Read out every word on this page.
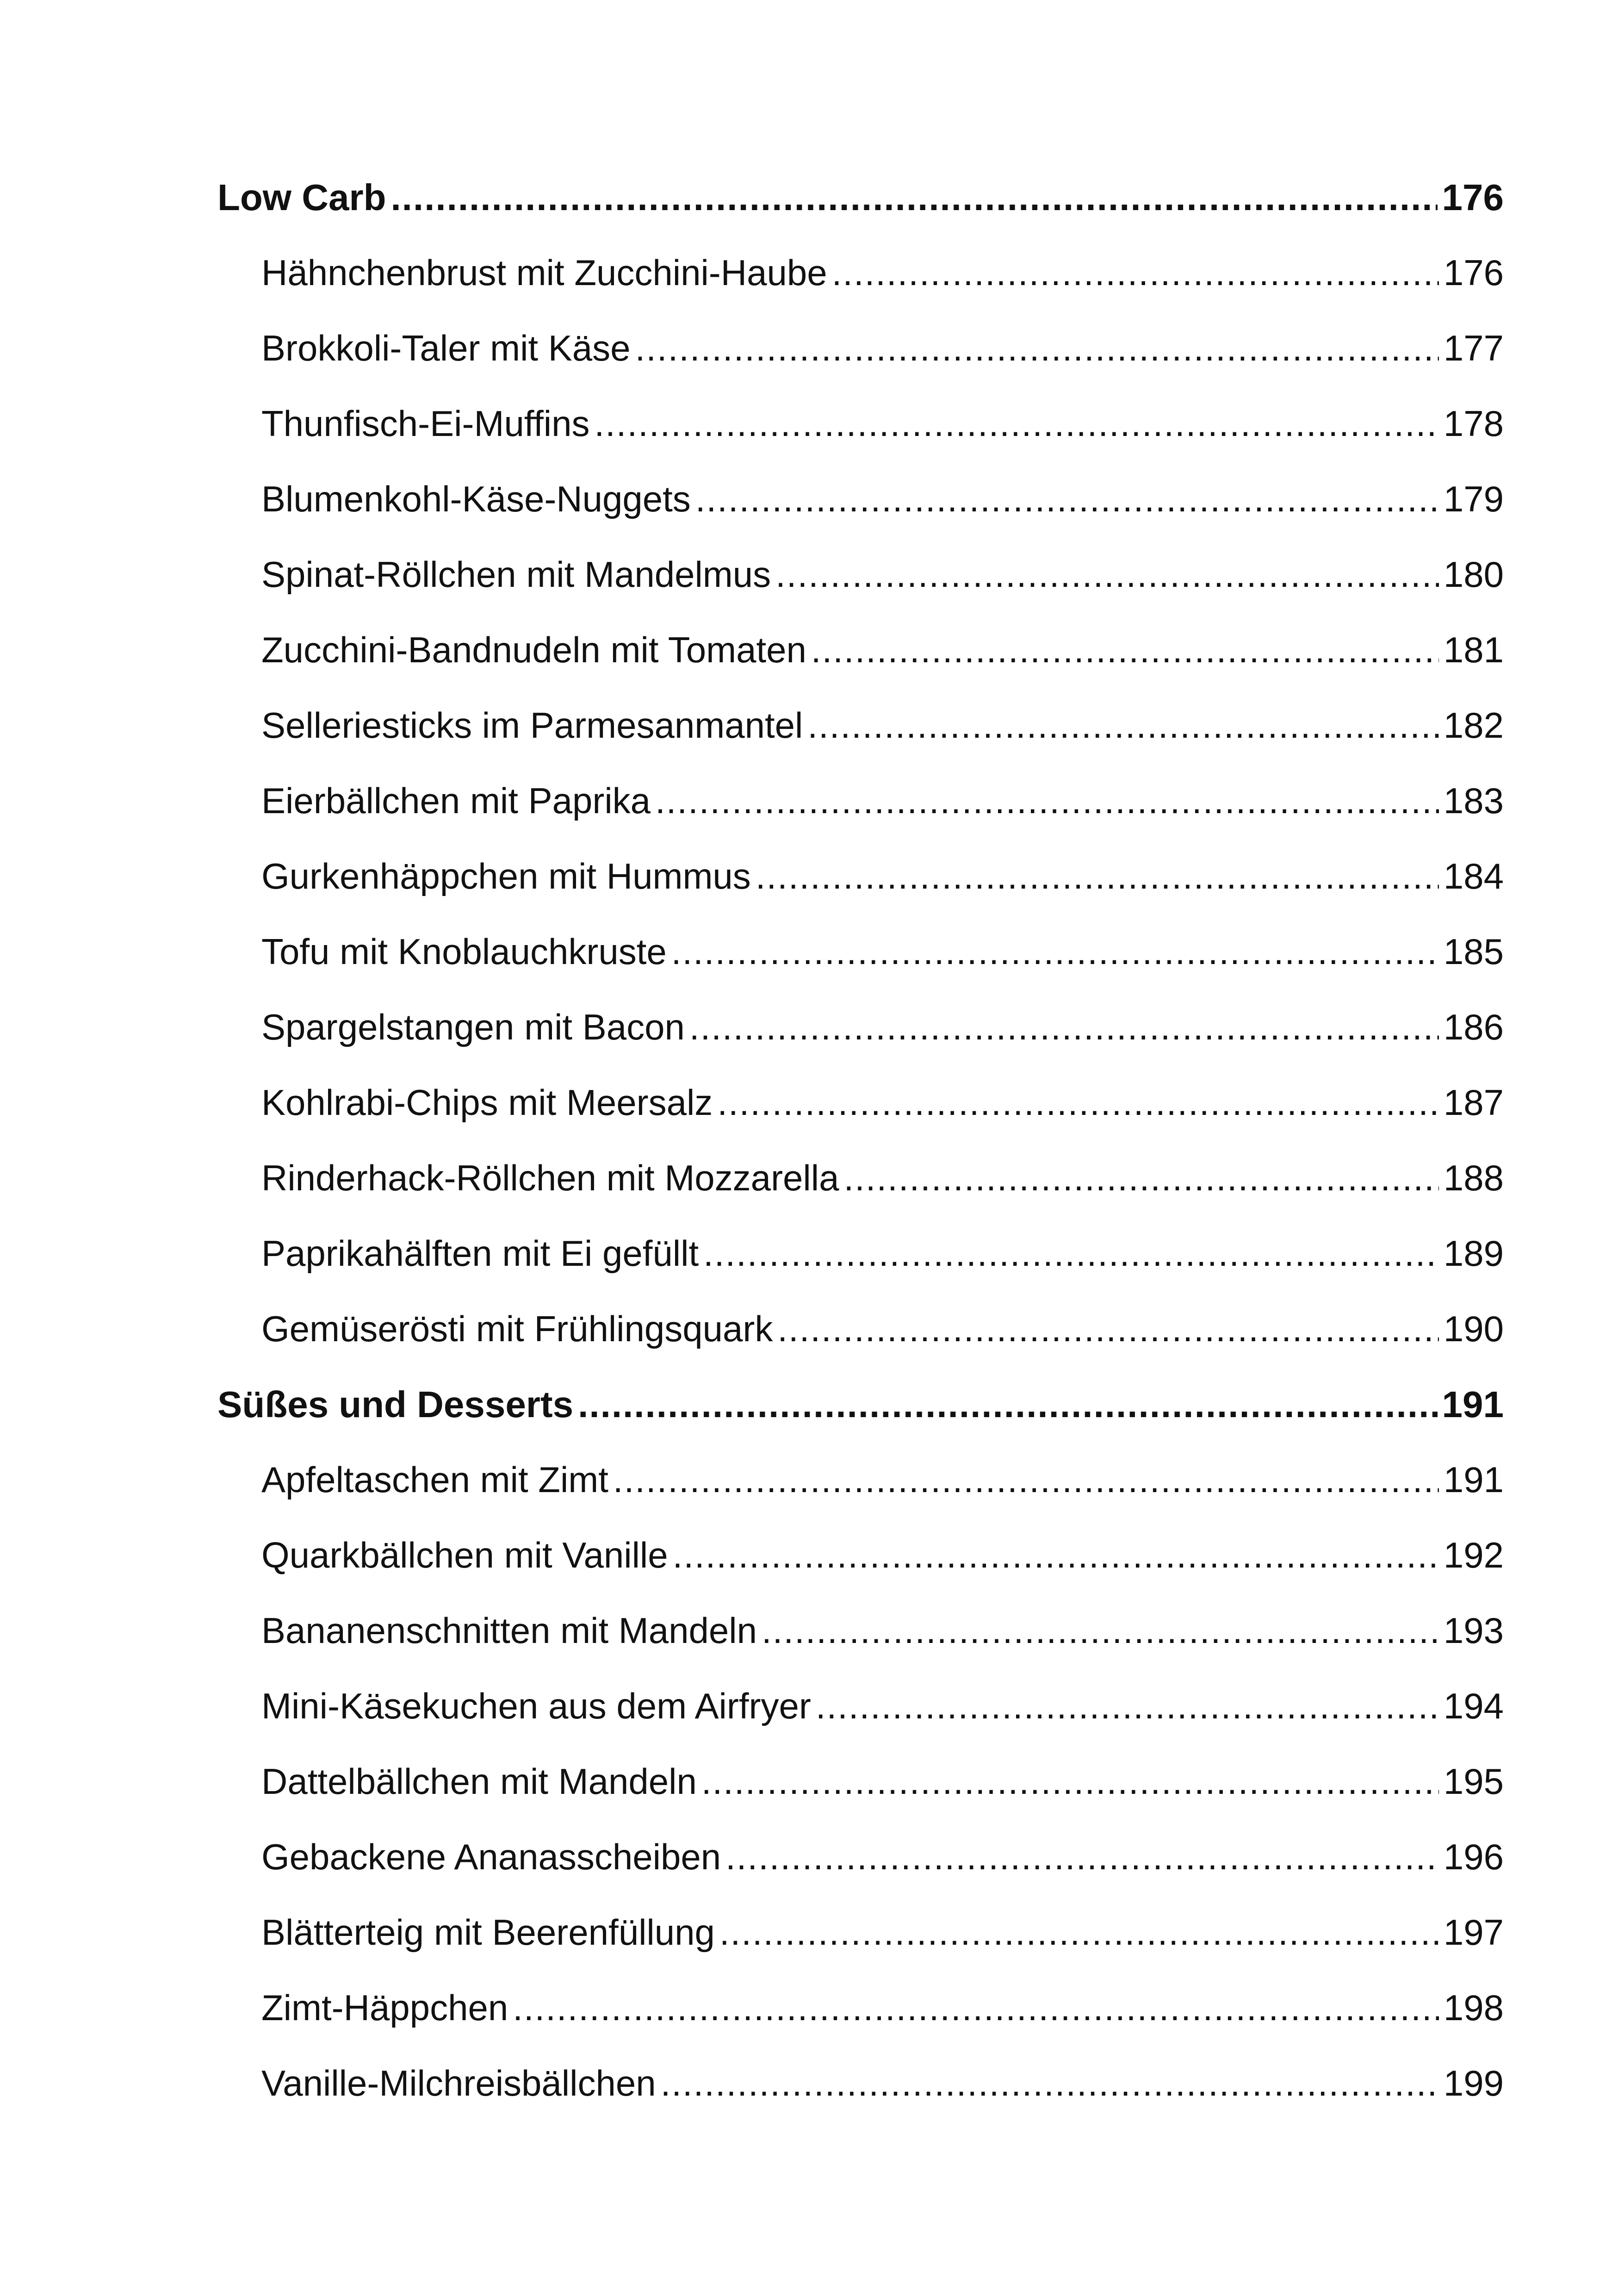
Low Carb .....	176
Hähnchenbrust mit Zucchini-Haube .....	176
Brokkoli-Taler mit Käse .....	177
Thunfisch-Ei-Muffins .....	178
Blumenkohl-Käse-Nuggets .....	179
Spinat-Röllchen mit Mandelmus .....	180
Zucchini-Bandnudeln mit Tomaten .....	181
Selleriesticks im Parmesanmantel .....	182
Eierbällchen mit Paprika .....	183
Gurkenhäppchen mit Hummus .....	184
Tofu mit Knoblauchkruste .....	185
Spargelstangen mit Bacon .....	186
Kohlrabi-Chips mit Meersalz .....	187
Rinderhack-Röllchen mit Mozzarella .....	188
Paprikahälften mit Ei gefüllt .....	189
Gemüserösti mit Frühlingsquark .....	190
Süßes und Desserts .....	191
Apfeltaschen mit Zimt .....	191
Quarkbällchen mit Vanille .....	192
Bananenschnitten mit Mandeln .....	193
Mini-Käsekuchen aus dem Airfryer .....	194
Dattelbällchen mit Mandeln .....	195
Gebackene Ananasscheiben .....	196
Blätterteig mit Beerenfüllung .....	197
Zimt-Häppchen .....	198
Vanille-Milchreisbällchen .....	199
